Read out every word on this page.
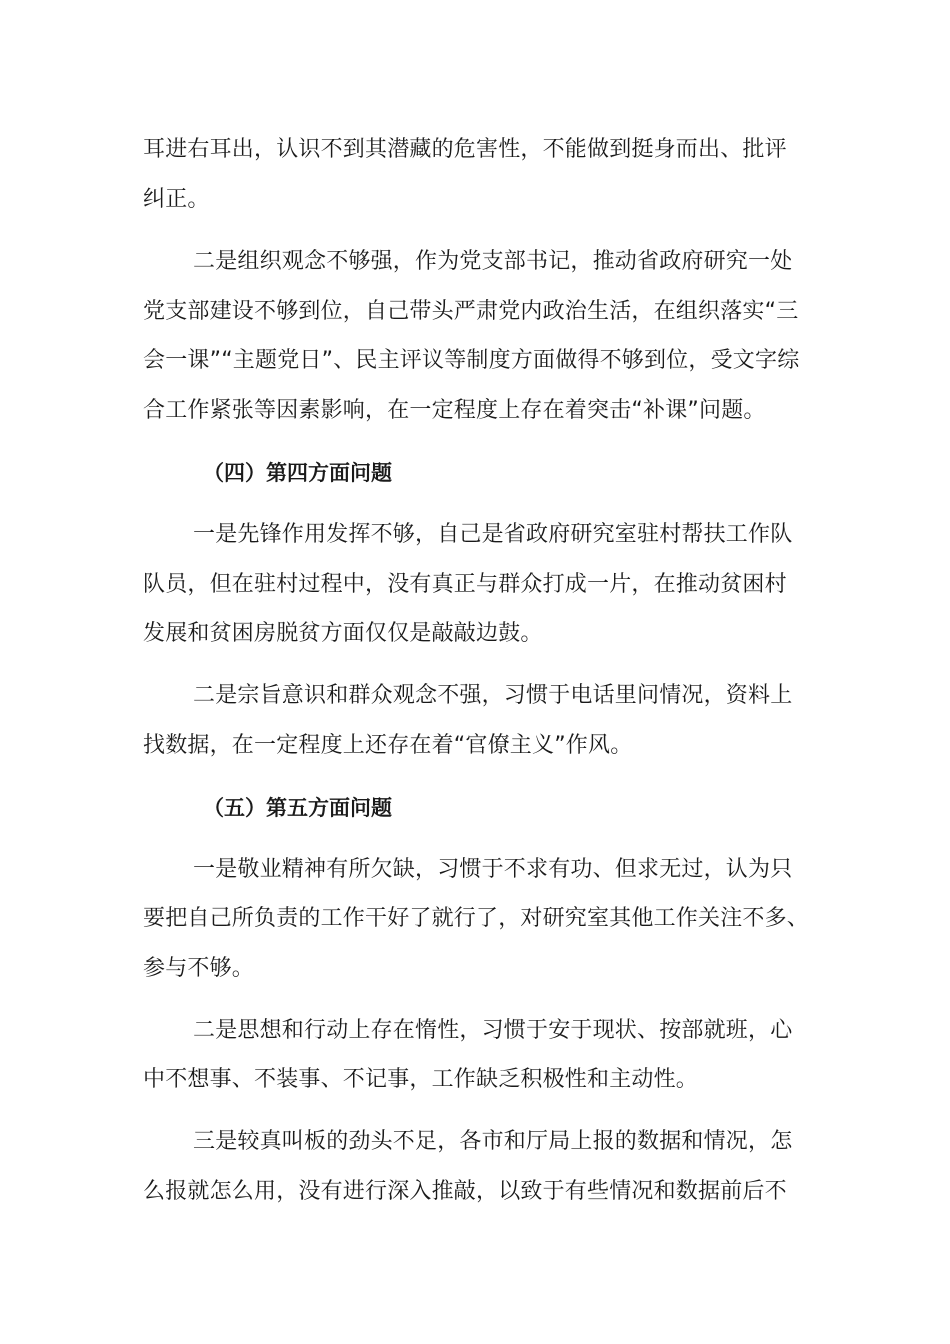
耳进右耳出，认识不到其潜藏的危害性，不能做到挺身而出、批评
纠正。
二是组织观念不够强，作为党支部书记，推动省政府研究一处
党支部建设不够到位，自己带头严肃党内政治生活，在组织落实“三
会一课”“主题党日”、民主评议等制度方面做得不够到位，受文字综
合工作紧张等因素影响，在一定程度上存在着突击“补课”问题。
（四）第四方面问题
一是先锋作用发挥不够，自己是省政府研究室驻村帮扶工作队
队员，但在驻村过程中，没有真正与群众打成一片，在推动贫困村
发展和贫困房脱贫方面仅仅是敲敲边鼓。
二是宗旨意识和群众观念不强，习惯于电话里问情况，资料上
找数据，在一定程度上还存在着“官僚主义”作风。
（五）第五方面问题
一是敬业精神有所欠缺，习惯于不求有功、但求无过，认为只
要把自己所负责的工作干好了就行了，对研究室其他工作关注不多、
参与不够。
二是思想和行动上存在惰性，习惯于安于现状、按部就班，心
中不想事、不装事、不记事，工作缺乏积极性和主动性。
三是较真叫板的劲头不足，各市和厅局上报的数据和情况，怎
么报就怎么用，没有进行深入推敲，以致于有些情况和数据前后不
